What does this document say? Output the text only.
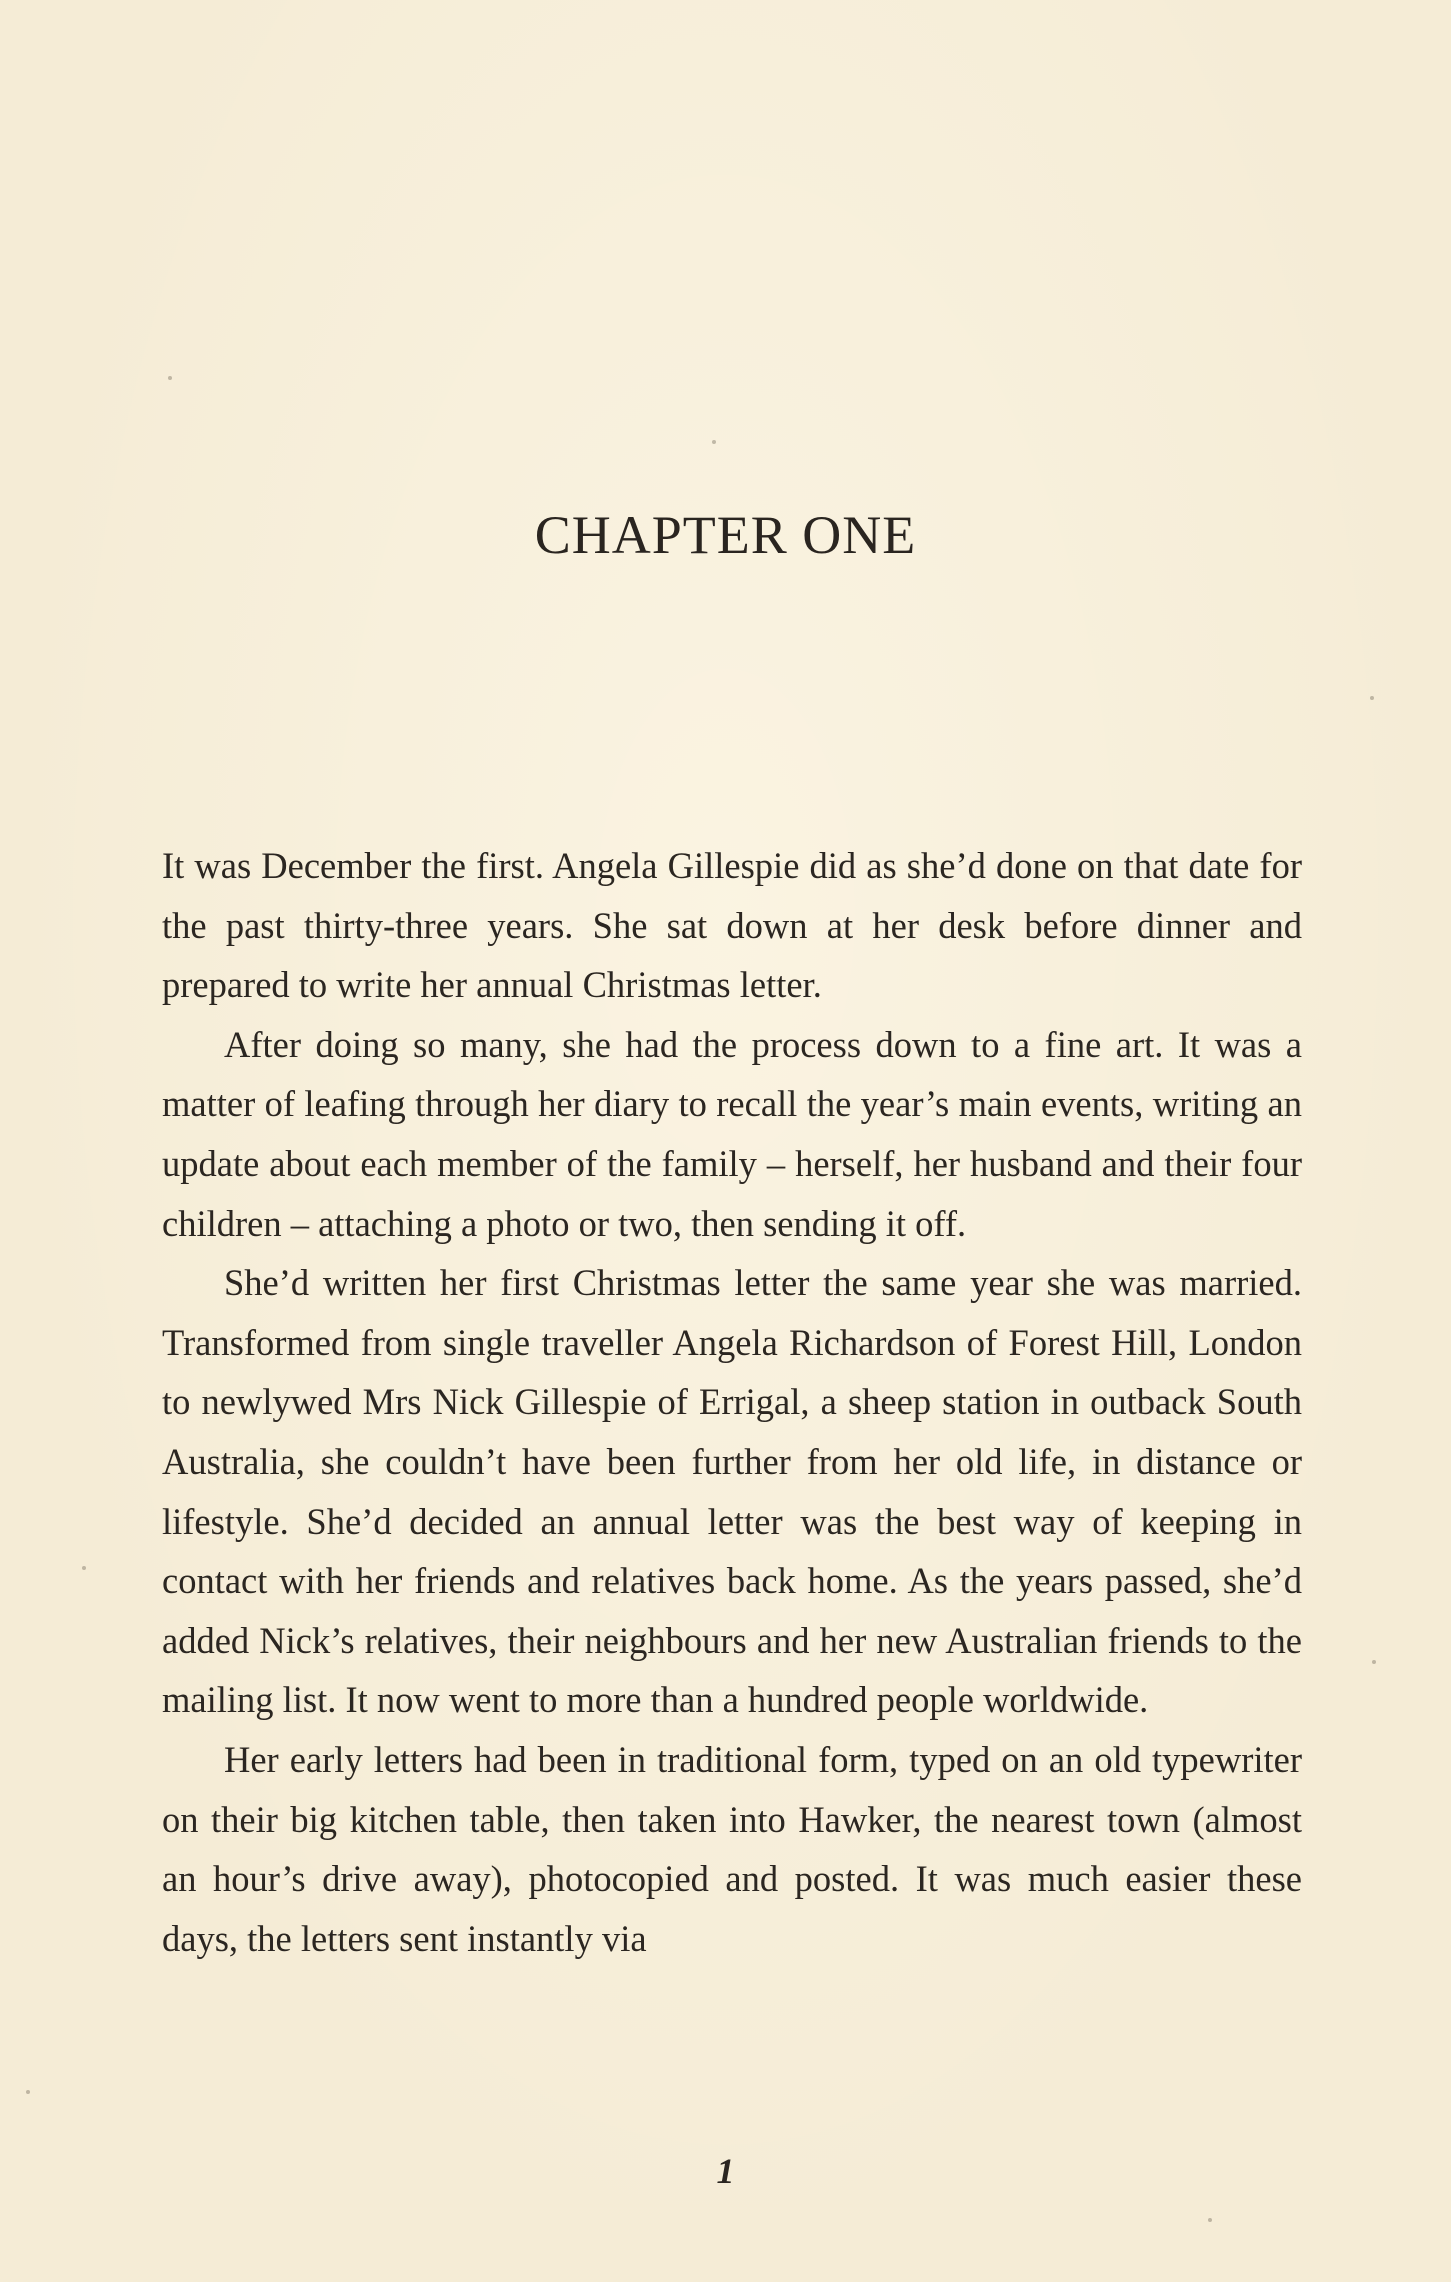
CHAPTER ONE

It was December the first. Angela Gillespie did as she’d done on that date for the past thirty-three years. She sat down at her desk before dinner and prepared to write her annual Christmas letter.

After doing so many, she had the process down to a fine art. It was a matter of leafing through her diary to recall the year’s main events, writing an update about each member of the family – herself, her husband and their four children – attaching a photo or two, then sending it off.

She’d written her first Christmas letter the same year she was married. Transformed from single traveller Angela Richardson of Forest Hill, London to newlywed Mrs Nick Gillespie of Errigal, a sheep station in outback South Australia, she couldn’t have been further from her old life, in distance or lifestyle. She’d decided an annual letter was the best way of keeping in contact with her friends and relatives back home. As the years passed, she’d added Nick’s relatives, their neighbours and her new Australian friends to the mailing list. It now went to more than a hundred people worldwide.

Her early letters had been in traditional form, typed on an old typewriter on their big kitchen table, then taken into Hawker, the nearest town (almost an hour’s drive away), photocopied and posted. It was much easier these days, the letters sent instantly via

1
